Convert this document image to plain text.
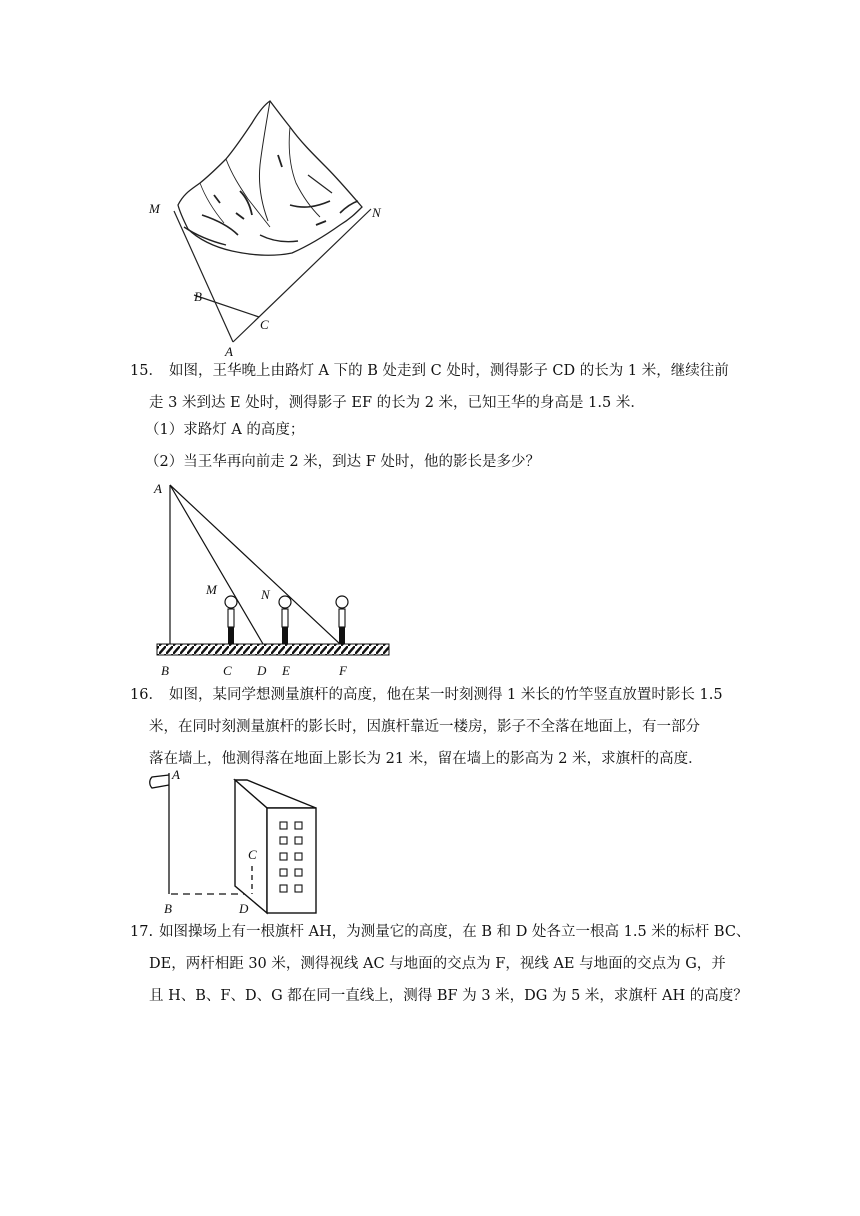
M	N
B
C
A

15． 如图，王华晚上由路灯 A 下的 B 处走到 C 处时，测得影子 CD 的长为 1 米，继续往前
走 3 米到达 E 处时，测得影子 EF 的长为 2 米，已知王华的身高是 1.5 米．

（1）求路灯 A 的高度；

（2）当王华再向前走 2 米，到达 F 处时，他的影长是多少？

A
M	N
B	C D E	F

16． 如图，某同学想测量旗杆的高度，他在某一时刻测得 1 米长的竹竿竖直放置时影长 1.5
米，在同时刻测量旗杆的影长时，因旗杆靠近一楼房，影子不全落在地面上，有一部分
落在墙上，他测得落在地面上影长为 21 米，留在墙上的影高为 2 米，求旗杆的高度．

A
B
C
D

17. 如图操场上有一根旗杆 AH，为测量它的高度，在 B 和 D 处各立一根高 1.5 米的标杆 BC、
DE，两杆相距 30 米，测得视线 AC 与地面的交点为 F，视线 AE 与地面的交点为 G，并
且 H、B、F、D、G 都在同一直线上，测得 BF 为 3 米，DG 为 5 米，求旗杆 AH 的高度？
